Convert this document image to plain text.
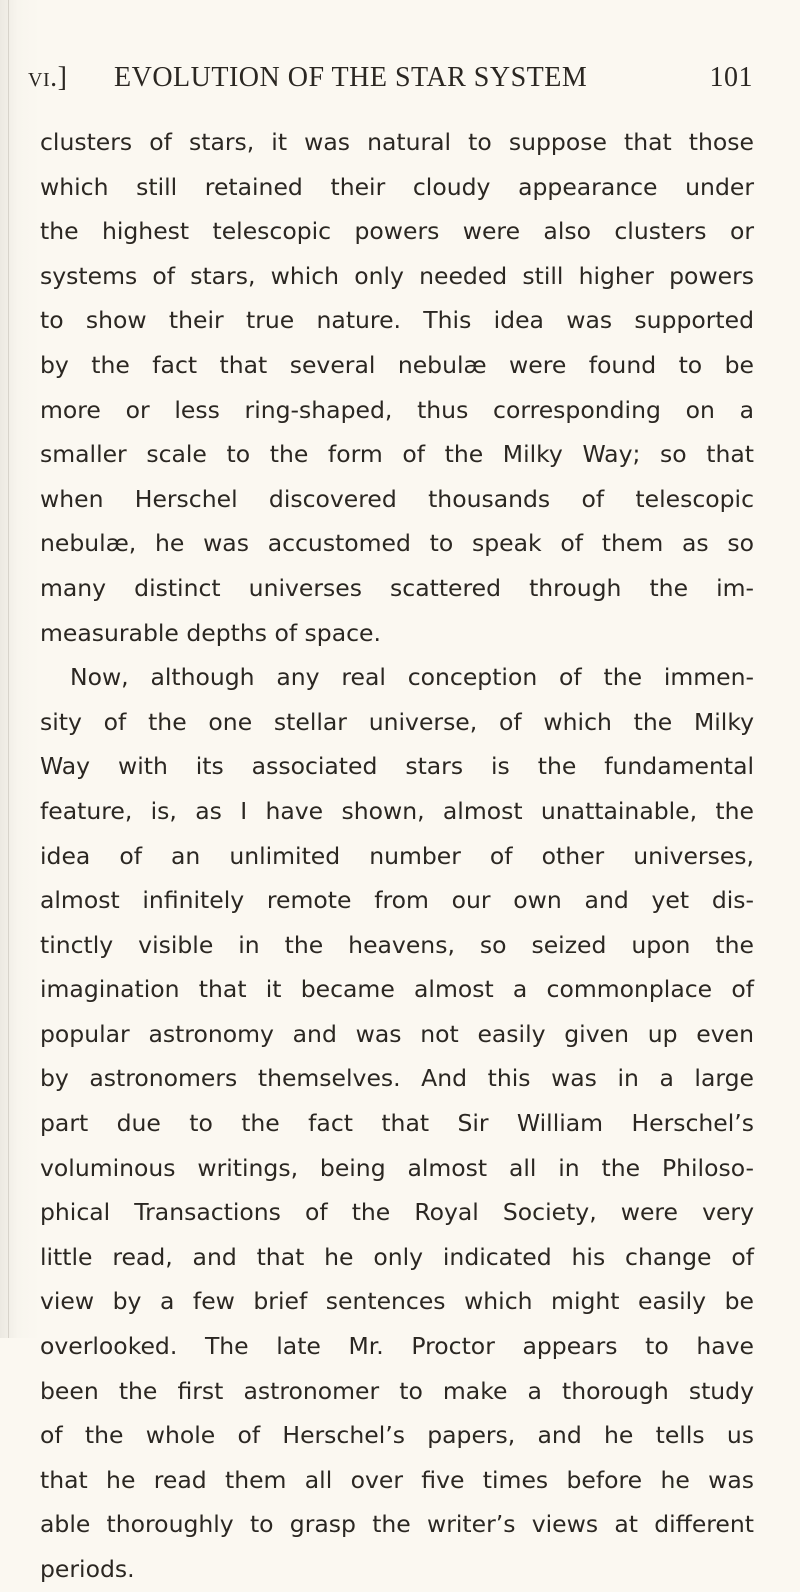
vi.] EVOLUTION OF THE STAR SYSTEM	101
clusters of stars, it was natural to suppose that those
which still retained their cloudy appearance under
the highest telescopic powers were also clusters or
systems of stars, which only needed still higher powers
to show their true nature. This idea was supported
by the fact that several nebulæ were found to be
more or less ring-shaped, thus corresponding on a
smaller scale to the form of the Milky Way; so that
when Herschel discovered thousands of telescopic
nebulæ, he was accustomed to speak of them as so
many distinct universes scattered through the im-
measurable depths of space.
Now, although any real conception of the immen-
sity of the one stellar universe, of which the Milky
Way with its associated stars is the fundamental
feature, is, as I have shown, almost unattainable, the
idea of an unlimited number of other universes,
almost infinitely remote from our own and yet dis-
tinctly visible in the heavens, so seized upon the
imagination that it became almost a commonplace of
popular astronomy and was not easily given up even
by astronomers themselves. And this was in a large
part due to the fact that Sir William Herschel’s
voluminous writings, being almost all in the Philoso-
phical Transactions of the Royal Society, were very
little read, and that he only indicated his change of
view by a few brief sentences which might easily be
overlooked. The late Mr. Proctor appears to have
been the first astronomer to make a thorough study
of the whole of Herschel’s papers, and he tells us
that he read them all over five times before he was
able thoroughly to grasp the writer’s views at different
periods.
